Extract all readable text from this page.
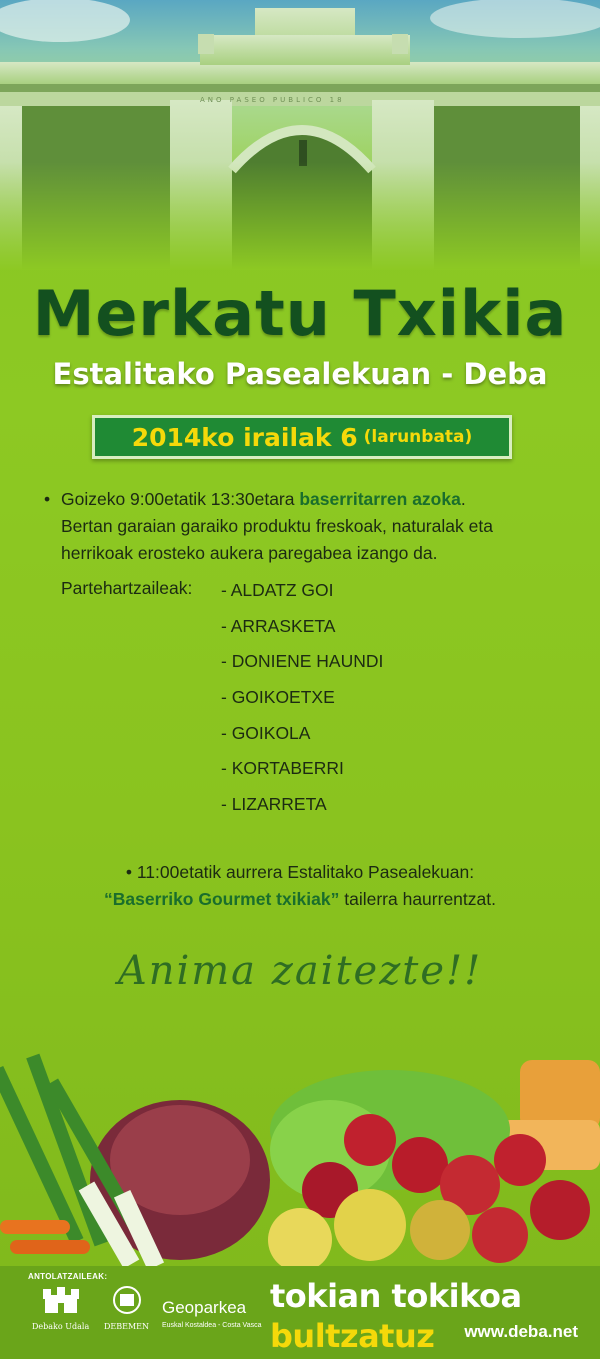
ANO PASEO PUBLICO 18
Merkatu Txikia
Estalitako Pasealekuan - Deba
2014ko irailak 6 (larunbata)
• Goizeko 9:00etatik 13:30etara baserritarren azoka.
Bertan garaian garaiko produktu freskoak, naturalak eta herrikoak erosteko aukera paregabea izango da.
Partehartzaileak: - ALDATZ GOI
- ARRASKETA
- DONIENE HAUNDI
- GOIKOETXE
- GOIKOLA
- KORTABERRI
- LIZARRETA
• 11:00etatik aurrera Estalitako Pasealekuan:
“Baserriko Gourmet txikiak” tailerra haurrentzat.
Anima zaitezte!!
ANTOLATZAILEAK:
Debako Udala DEBEMEN
Geoparkea
Euskal Kostaldea - Costa Vasca
tokian tokikoa bultzatuz	www.deba.net
